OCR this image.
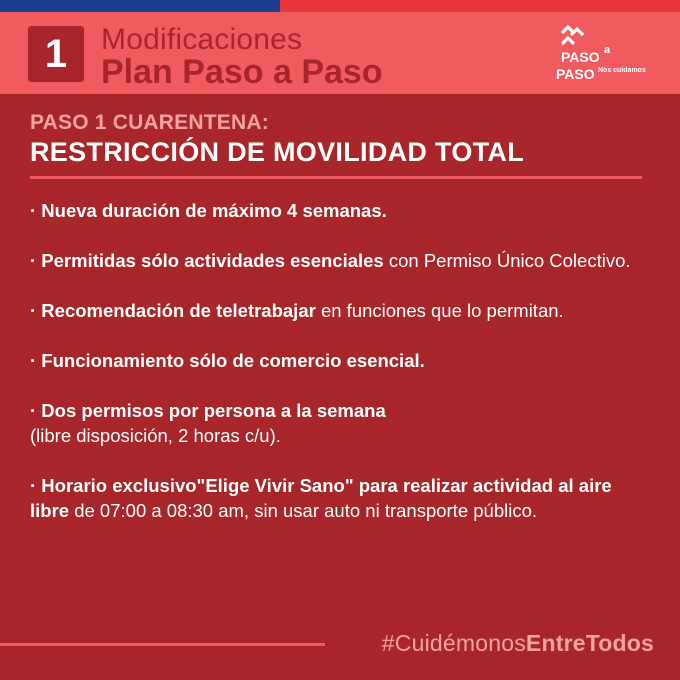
1	Modificaciones
Plan Paso a Paso	PASO a
PASO Nos cuidamos
PASO 1 CUARENTENA:
RESTRICCIÓN DE MOVILIDAD TOTAL
· Nueva duración de máximo 4 semanas.
· Permitidas sólo actividades esenciales con Permiso Único Colectivo.
· Recomendación de teletrabajar en funciones que lo permitan.
· Funcionamiento sólo de comercio esencial.
· Dos permisos por persona a la semana
(libre disposición, 2 horas c/u).
· Horario exclusivo"Elige Vivir Sano" para realizar actividad al aire libre de 07:00 a 08:30 am, sin usar auto ni transporte público.
#CuidémonosEntreTodos
